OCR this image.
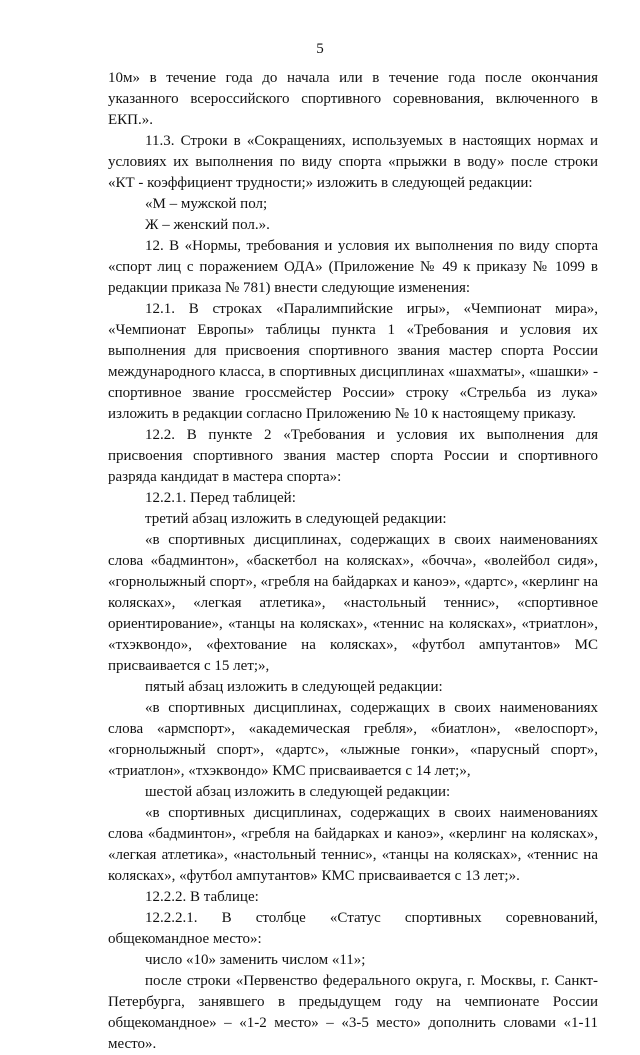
5

10м» в течение года до начала или в течение года после окончания указанного всероссийского спортивного соревнования, включенного в ЕКП.».

11.3. Строки в «Сокращениях, используемых в настоящих нормах и условиях их выполнения по виду спорта «прыжки в воду» после строки «КТ - коэффициент трудности;» изложить в следующей редакции:

«М – мужской пол;

Ж – женский пол.».

12. В «Нормы, требования и условия их выполнения по виду спорта «спорт лиц с поражением ОДА» (Приложение № 49 к приказу № 1099 в редакции приказа № 781) внести следующие изменения:

12.1. В строках «Паралимпийские игры», «Чемпионат мира», «Чемпионат Европы» таблицы пункта 1 «Требования и условия их выполнения для присвоения спортивного звания мастер спорта России международного класса, в спортивных дисциплинах «шахматы», «шашки» - спортивное звание гроссмейстер России» строку «Стрельба из лука» изложить в редакции согласно Приложению № 10 к настоящему приказу.

12.2. В пункте 2 «Требования и условия их выполнения для присвоения спортивного звания мастер спорта России и спортивного разряда кандидат в мастера спорта»:

12.2.1. Перед таблицей:

третий абзац изложить в следующей редакции:

«в спортивных дисциплинах, содержащих в своих наименованиях слова «бадминтон», «баскетбол на колясках», «бочча», «волейбол сидя», «горнолыжный спорт», «гребля на байдарках и каноэ», «дартс», «керлинг на колясках», «легкая атлетика», «настольный теннис», «спортивное ориентирование», «танцы на колясках», «теннис на колясках», «триатлон», «тхэквондо», «фехтование на колясках», «футбол ампутантов» МС присваивается с 15 лет;»,

пятый абзац изложить в следующей редакции:

«в спортивных дисциплинах, содержащих в своих наименованиях слова «армспорт», «академическая гребля», «биатлон», «велоспорт», «горнолыжный спорт», «дартс», «лыжные гонки», «парусный спорт», «триатлон», «тхэквондо» КМС присваивается с 14 лет;»,

шестой абзац изложить в следующей редакции:

«в спортивных дисциплинах, содержащих в своих наименованиях слова «бадминтон», «гребля на байдарках и каноэ», «керлинг на колясках», «легкая атлетика», «настольный теннис», «танцы на колясках», «теннис на колясках», «футбол ампутантов» КМС присваивается с 13 лет;».

12.2.2. В таблице:

12.2.2.1. В столбце «Статус спортивных соревнований, общекомандное место»:

число «10» заменить числом «11»;

после строки «Первенство федерального округа, г. Москвы, г. Санкт-Петербурга, занявшего в предыдущем году на чемпионате России общекомандное» – «1-2 место» – «3-5 место» дополнить словами «1-11 место».
